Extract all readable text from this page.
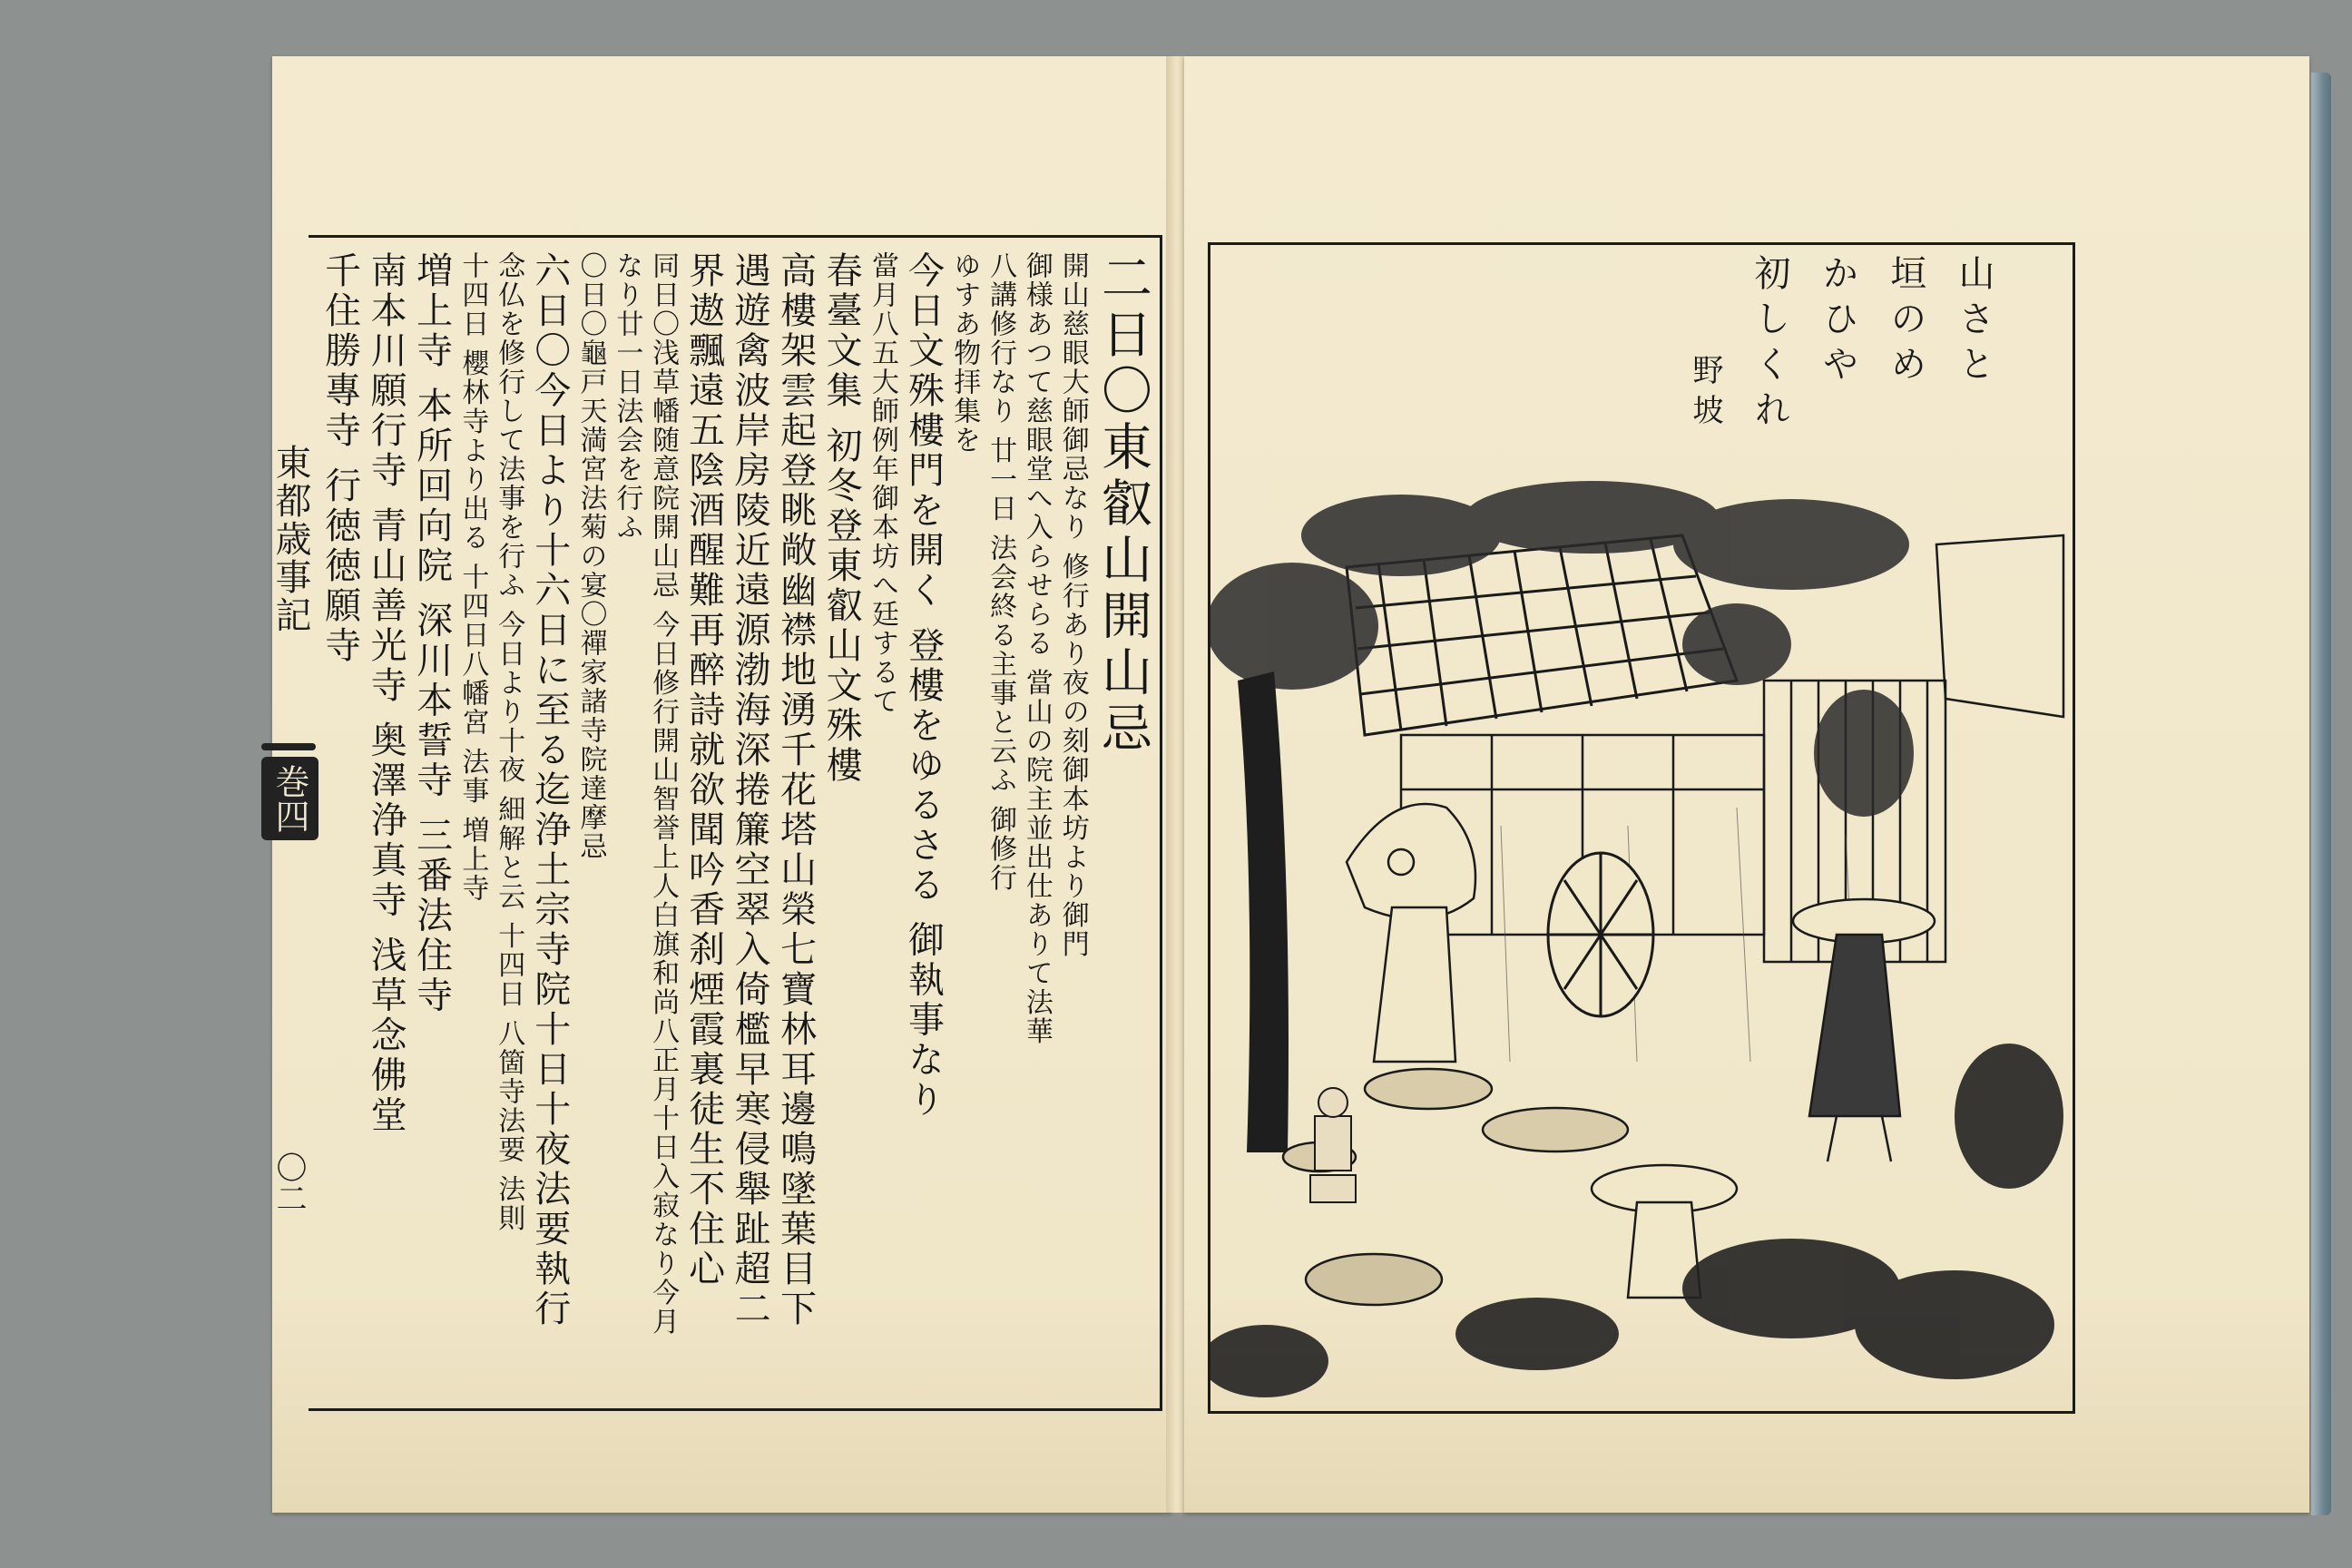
東都歳事記
巻四
〇二
二日〇東叡山開山忌
開山慈眼大師御忌なり 修行あり夜の刻御本坊より御門
御様あつて慈眼堂へ入らせらる 當山の院主並出仕ありて法華
八講修行なり 廿一日 法会終る主事と云ふ 御修行
ゆすあ物拝集を
今日文殊樓門を開く 登樓をゆるさる 御執事なり
當月八五大師例年御本坊へ廷するて
春臺文集 初冬登東叡山文殊樓
高樓架雲起登眺敞幽襟地湧千花塔山榮七寶林耳邊鳴墜葉目下
遇遊禽波岸房陵近遠源渤海深捲簾空翠入倚檻早寒侵舉趾超二
界遨飄遠五陰酒醒難再醉詩就欲聞吟香刹煙霞裏徒生不住心
同日〇浅草幡随意院開山忌 今日修行開山智誉上人白旗和尚八正月十日入寂なり今月
なり廿一日法会を行ふ
〇日〇龜戸天満宮法菊の宴〇禪家諸寺院達摩忌
六日〇今日より十六日に至る迄浄土宗寺院十日十夜法要執行
念仏を修行して法事を行ふ 今日より十夜 細解と云 十四日 八箇寺法要 法則
十四日 櫻林寺より出る 十四日八幡宮 法事 増上寺
増上寺 本所回向院 深川本誓寺 三番法住寺
南本川願行寺 青山善光寺 奥澤浄真寺 浅草念佛堂
千住勝專寺 行徳徳願寺	山さと
垣のめ
かひや
初しくれ
野坡
